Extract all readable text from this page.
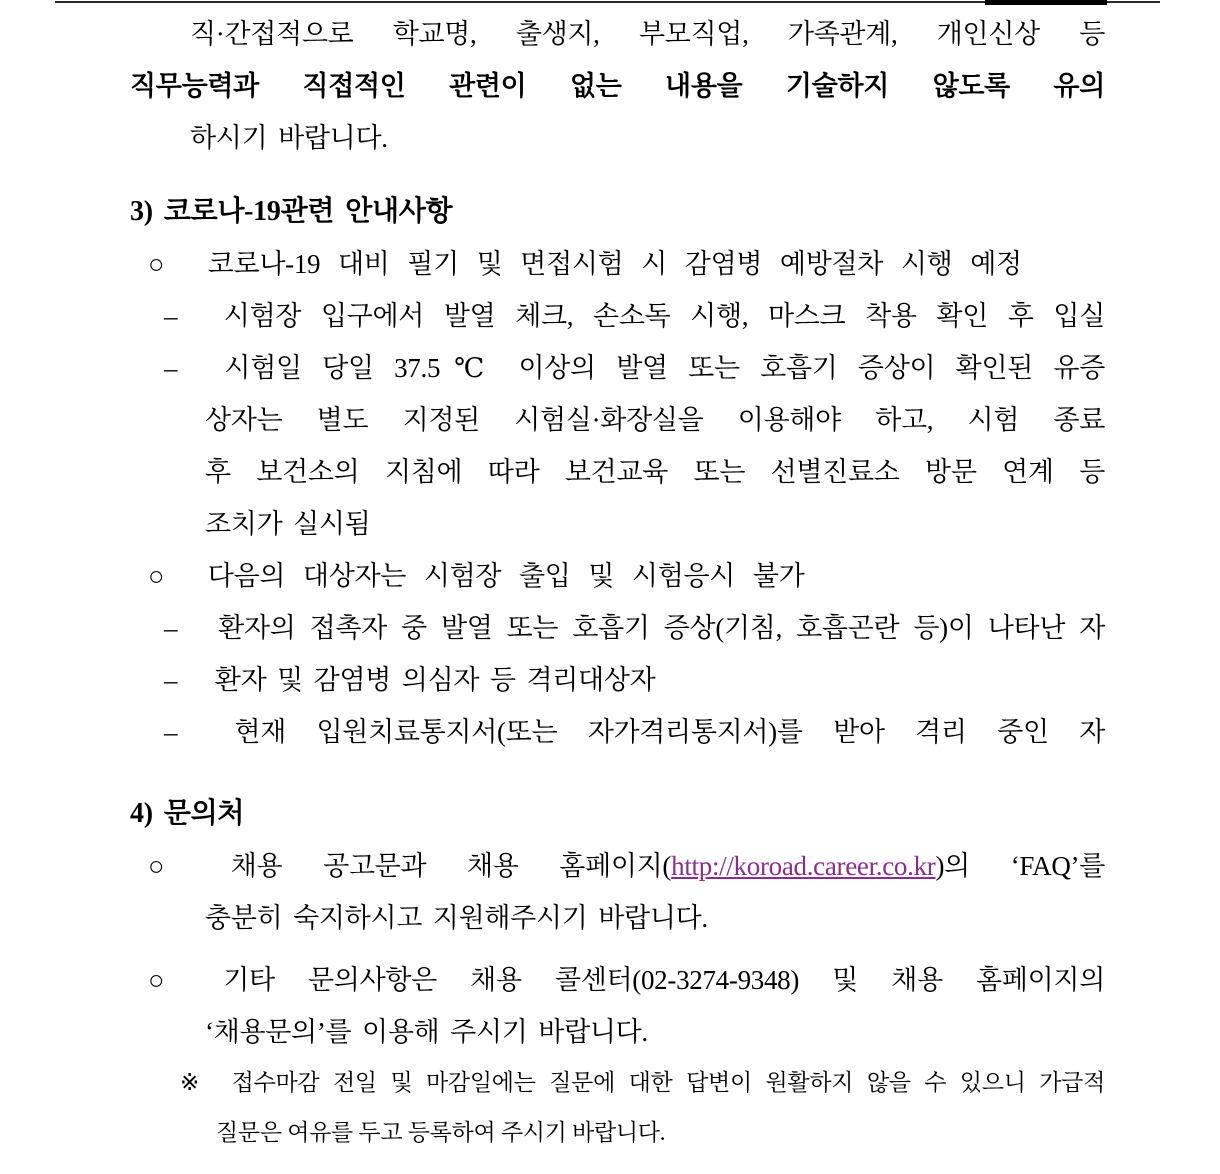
직·간접적으로 학교명, 출생지, 부모직업, 가족관계, 개인신상 등
직무능력과 직접적인 관련이 없는 내용을 기술하지 않도록 유의
하시기 바랍니다.
3) 코로나-19관련 안내사항
○ 코로나-19 대비 필기 및 면접시험 시 감염병 예방절차 시행 예정
– 시험장 입구에서 발열 체크, 손소독 시행, 마스크 착용 확인 후 입실
– 시험일 당일 37.5℃ 이상의 발열 또는 호흡기 증상이 확인된 유증
상자는 별도 지정된 시험실·화장실을 이용해야 하고, 시험 종료
후 보건소의 지침에 따라 보건교육 또는 선별진료소 방문 연계 등
조치가 실시됨
○ 다음의 대상자는 시험장 출입 및 시험응시 불가
– 환자의 접촉자 중 발열 또는 호흡기 증상(기침, 호흡곤란 등)이 나타난 자
– 환자 및 감염병 의심자 등 격리대상자
– 현재 입원치료통지서(또는 자가격리통지서)를 받아 격리 중인 자
4) 문의처
○ 채용 공고문과 채용 홈페이지(http://koroad.career.co.kr)의 ‘FAQ’를
충분히 숙지하시고 지원해주시기 바랍니다.
○ 기타 문의사항은 채용 콜센터(02-3274-9348) 및 채용 홈페이지의
‘채용문의’를 이용해 주시기 바랍니다.
※ 접수마감 전일 및 마감일에는 질문에 대한 답변이 원활하지 않을 수 있으니 가급적
질문은 여유를 두고 등록하여 주시기 바랍니다.
